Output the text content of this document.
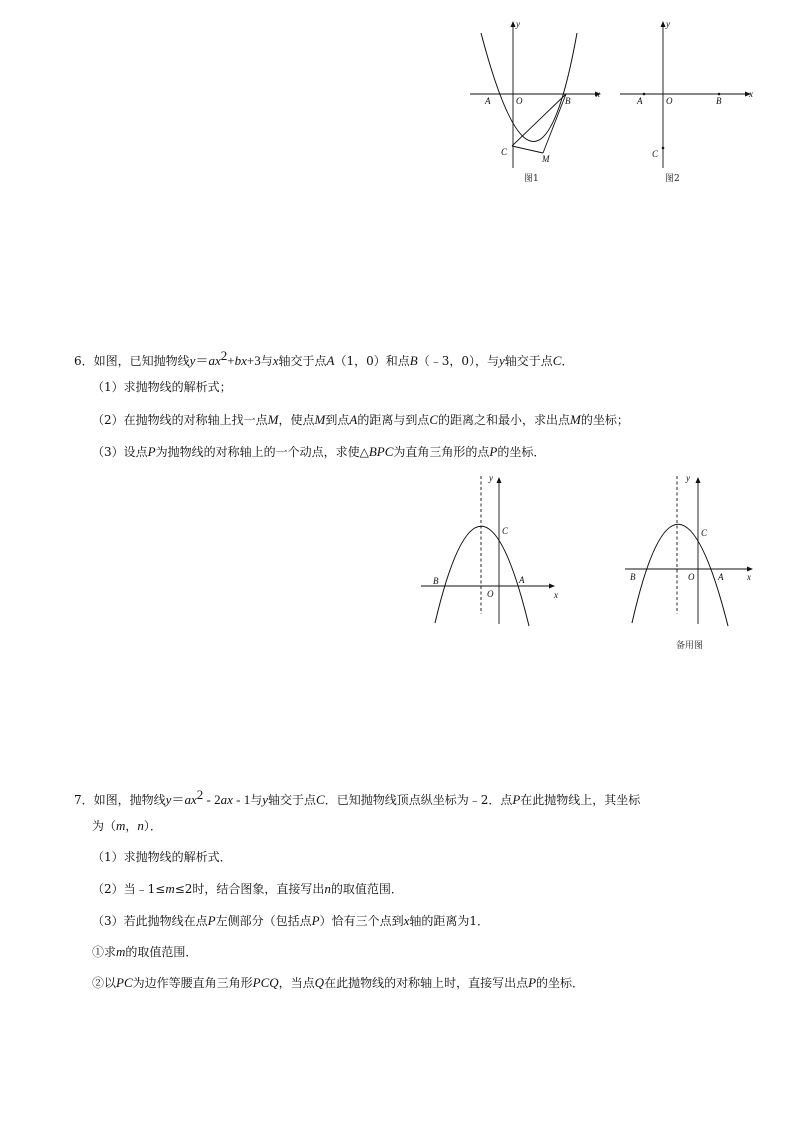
y
x
A	O	B
C
M
图1
y
x
A	O	B
C
图2
6．如图，已知抛物线$y=ax^2+bx+3$与x轴交于点A（1，0）和点B（﹣3，0），与y轴交于点C．
（1）求抛物线的解析式；
（2）在抛物线的对称轴上找一点M，使点M到点A的距离与到点C的距离之和最小，求出点M的坐标；
（3）设点P为抛物线的对称轴上的一个动点，求使△BPC为直角三角形的点P的坐标．
y
x
B
O
A
C
y
x
B	O	A
C
备用图
7．如图，抛物线$y=ax^2 - 2ax - 1$与y轴交于点C．已知抛物线顶点纵坐标为﹣2．点P在此抛物线上，其坐标
为（m，n）．
（1）求抛物线的解析式．
（2）当﹣1≤m≤2时，结合图象，直接写出n的取值范围．
（3）若此抛物线在点P左侧部分（包括点P）恰有三个点到x轴的距离为1．
①求m的取值范围．
②以PC为边作等腰直角三角形PCQ，当点Q在此抛物线的对称轴上时，直接写出点P的坐标．
